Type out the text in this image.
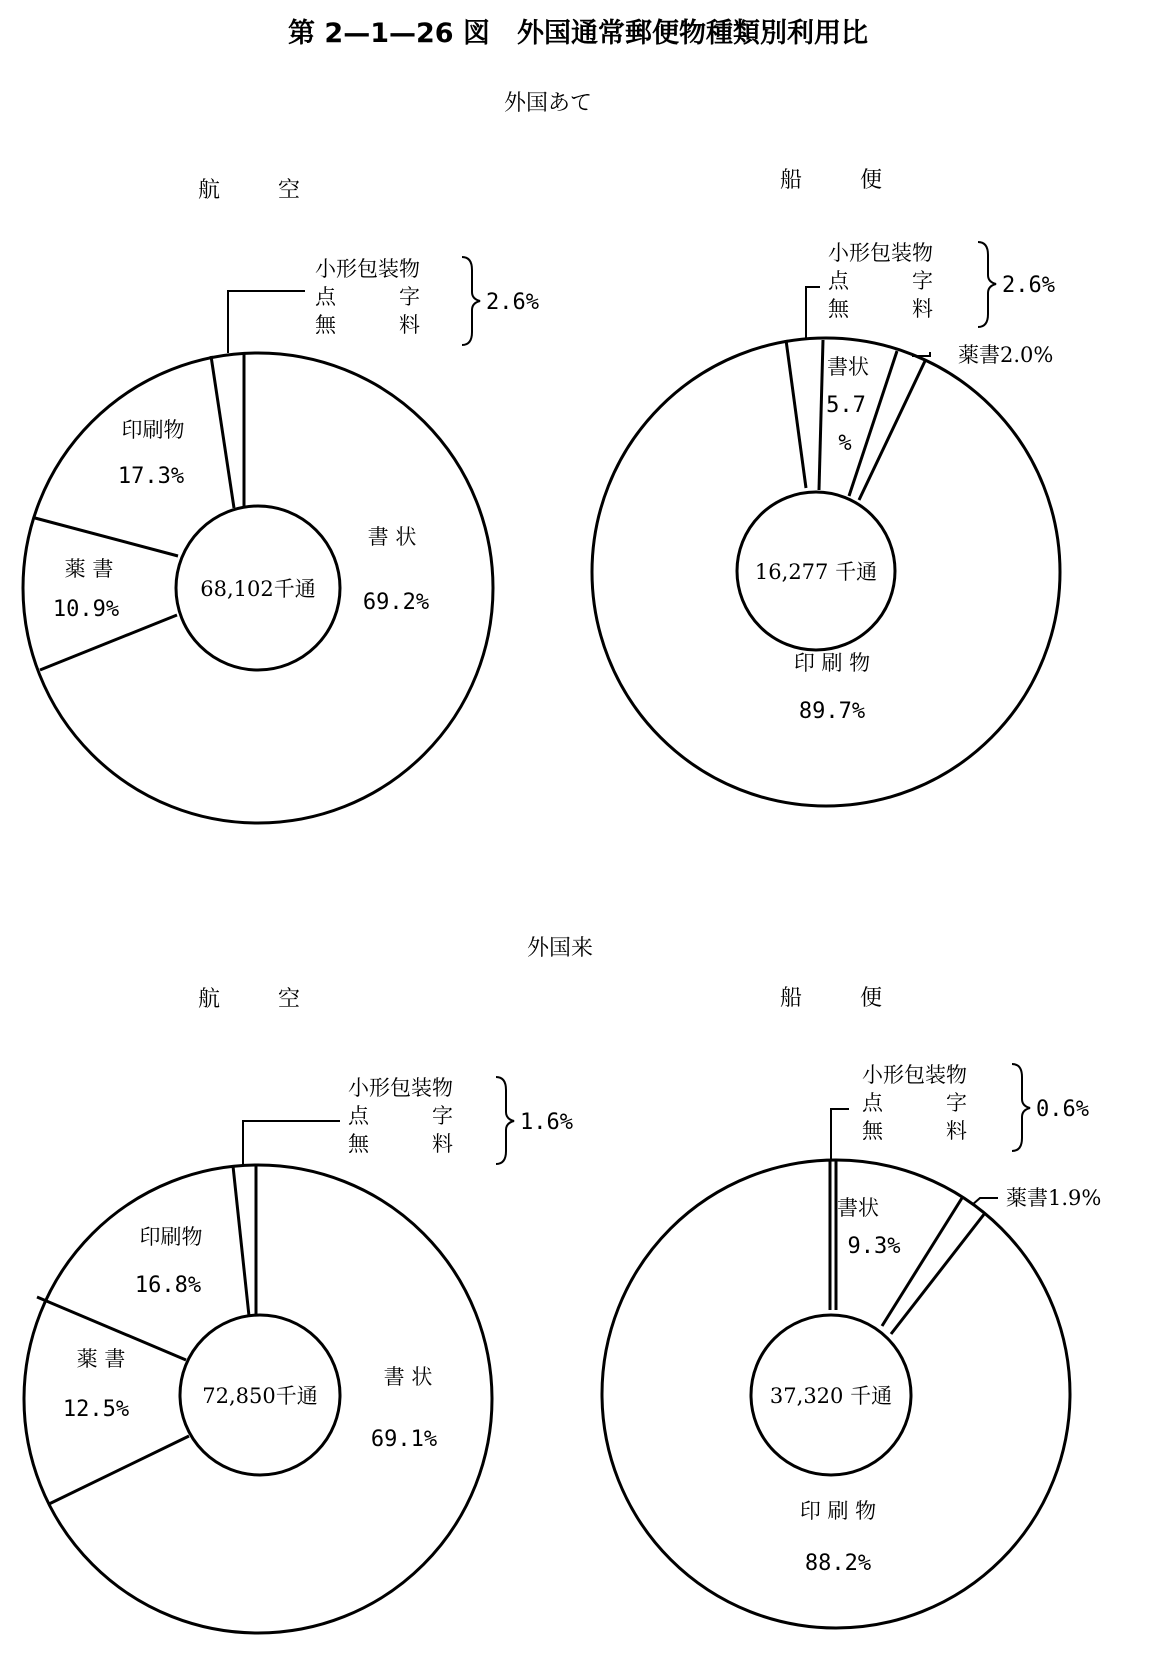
第 2—1—26 図　外国通常郵便物種類別利用比
外国あて
外国来
航　空
68,102千通
書 状
69.2%
薬 書
10.9%
印刷物
17.3%
小形包装物
点　　　字
無　　　料
2.6%
船　便
16,277 千通
書状
5.7
%
89.7%
印 刷 物
薬書2.0%
小形包装物
点　　　字
無　　　料
2.6%
航　空
72,850千通
書 状
69.1%
薬 書
12.5%
印刷物
16.8%
小形包装物
点　　　字
無　　　料
1.6%
船　便
37,320 千通
書状
9.3%
印 刷 物
88.2%
薬書1.9%
小形包装物
点　　　字
無　　　料
0.6%
